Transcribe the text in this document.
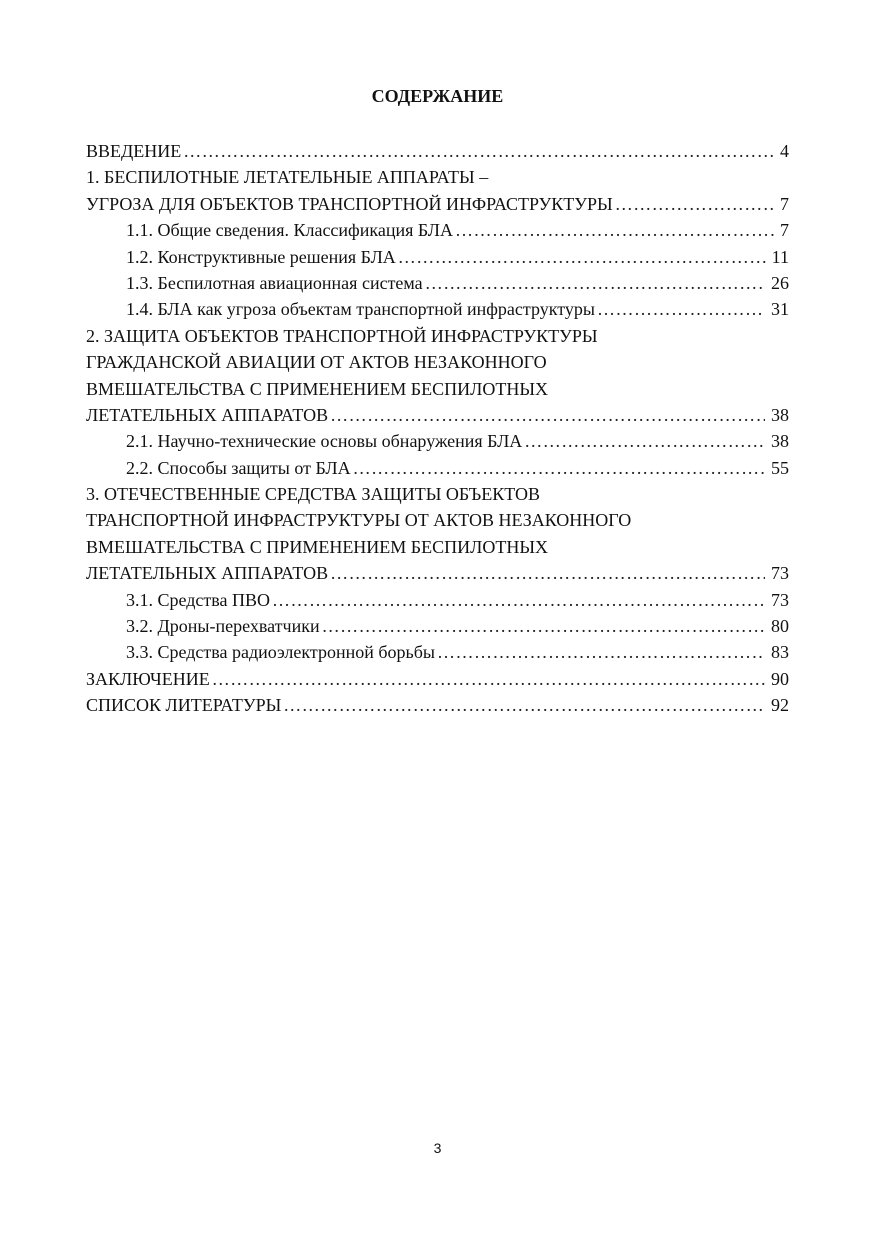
СОДЕРЖАНИЕ
ВВЕДЕНИЕ ……………………………………………………………………………………………………………………………………………………	4
1. БЕСПИЛОТНЫЕ ЛЕТАТЕЛЬНЫЕ АППАРАТЫ –
УГРОЗА ДЛЯ ОБЪЕКТОВ ТРАНСПОРТНОЙ ИНФРАСТРУКТУРЫ ……………………………………………………………………………………………………………………………………………………	7
1.1. Общие сведения. Классификация БЛА ……………………………………………………………………………………………………………………………………………………	7
1.2. Конструктивные решения БЛА ……………………………………………………………………………………………………………………………………………………	11
1.3. Беспилотная авиационная система ……………………………………………………………………………………………………………………………………………………	26
1.4. БЛА как угроза объектам транспортной инфраструктуры ……………………………………………………………………………………………………………………………………………………	31
2. ЗАЩИТА ОБЪЕКТОВ ТРАНСПОРТНОЙ ИНФРАСТРУКТУРЫ
ГРАЖДАНСКОЙ АВИАЦИИ ОТ АКТОВ НЕЗАКОННОГО
ВМЕШАТЕЛЬСТВА С ПРИМЕНЕНИЕМ БЕСПИЛОТНЫХ
ЛЕТАТЕЛЬНЫХ АППАРАТОВ ……………………………………………………………………………………………………………………………………………………	38
2.1. Научно-технические основы обнаружения БЛА ……………………………………………………………………………………………………………………………………………………	38
2.2. Способы защиты от БЛА ……………………………………………………………………………………………………………………………………………………	55
3. ОТЕЧЕСТВЕННЫЕ СРЕДСТВА ЗАЩИТЫ ОБЪЕКТОВ
ТРАНСПОРТНОЙ ИНФРАСТРУКТУРЫ ОТ АКТОВ НЕЗАКОННОГО
ВМЕШАТЕЛЬСТВА С ПРИМЕНЕНИЕМ БЕСПИЛОТНЫХ
ЛЕТАТЕЛЬНЫХ АППАРАТОВ ……………………………………………………………………………………………………………………………………………………	73
3.1. Средства ПВО ……………………………………………………………………………………………………………………………………………………	73
3.2. Дроны-перехватчики ……………………………………………………………………………………………………………………………………………………	80
3.3. Средства радиоэлектронной борьбы ……………………………………………………………………………………………………………………………………………………	83
ЗАКЛЮЧЕНИЕ ……………………………………………………………………………………………………………………………………………………	90
СПИСОК ЛИТЕРАТУРЫ ……………………………………………………………………………………………………………………………………………………	92
3
